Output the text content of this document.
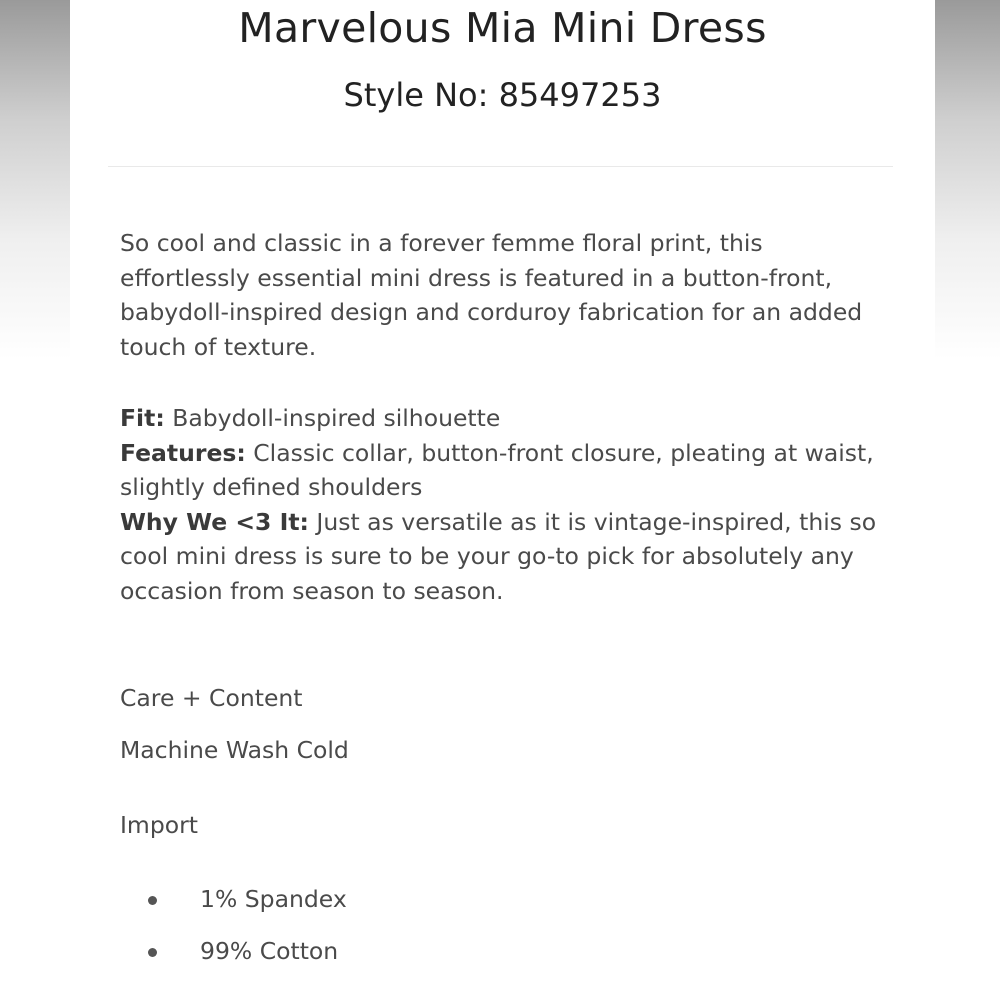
Marvelous Mia Mini Dress
Style No: 85497253
So cool and classic in a forever femme floral print, this effortlessly essential mini dress is featured in a button-front, babydoll-inspired design and corduroy fabrication for an added touch of texture.
Fit: Babydoll-inspired silhouette
Features: Classic collar, button-front closure, pleating at waist, slightly defined shoulders
Why We <3 It: Just as versatile as it is vintage-inspired, this so cool mini dress is sure to be your go-to pick for absolutely any occasion from season to season.
Care + Content
Machine Wash Cold
Import
1% Spandex
99% Cotton
